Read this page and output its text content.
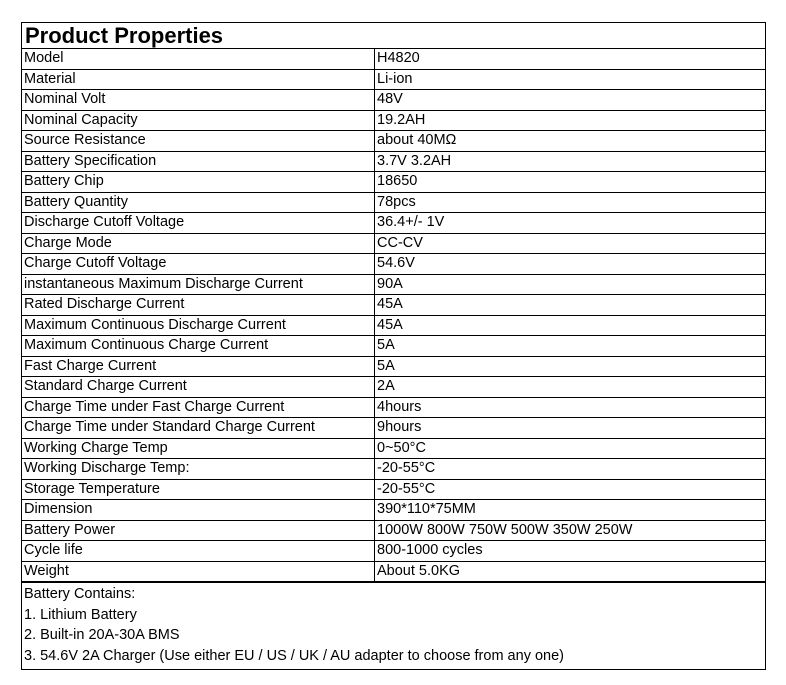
Product Properties
Model	H4820
Material	Li-ion
Nominal Volt	48V
Nominal Capacity	19.2AH
Source Resistance	about 40MΩ
Battery Specification	3.7V 3.2AH
Battery Chip	18650
Battery Quantity	78pcs
Discharge Cutoff Voltage	36.4+/- 1V
Charge Mode	CC-CV
Charge Cutoff Voltage	54.6V
instantaneous Maximum Discharge Current	90A
Rated Discharge Current	45A
Maximum Continuous Discharge Current	45A
Maximum Continuous Charge Current	5A
Fast Charge Current	5A
Standard Charge Current	2A
Charge Time under Fast Charge Current	4hours
Charge Time under Standard Charge Current	9hours
Working Charge Temp	0~50°C
Working Discharge Temp:	-20-55°C
Storage Temperature	-20-55°C
Dimension	390*110*75MM
Battery Power	1000W 800W 750W 500W 350W 250W
Cycle life	800-1000 cycles
Weight	About 5.0KG
Battery Contains:
1. Lithium Battery
2. Built-in 20A-30A BMS
3. 54.6V 2A Charger (Use either EU / US / UK / AU adapter to choose from any one)
